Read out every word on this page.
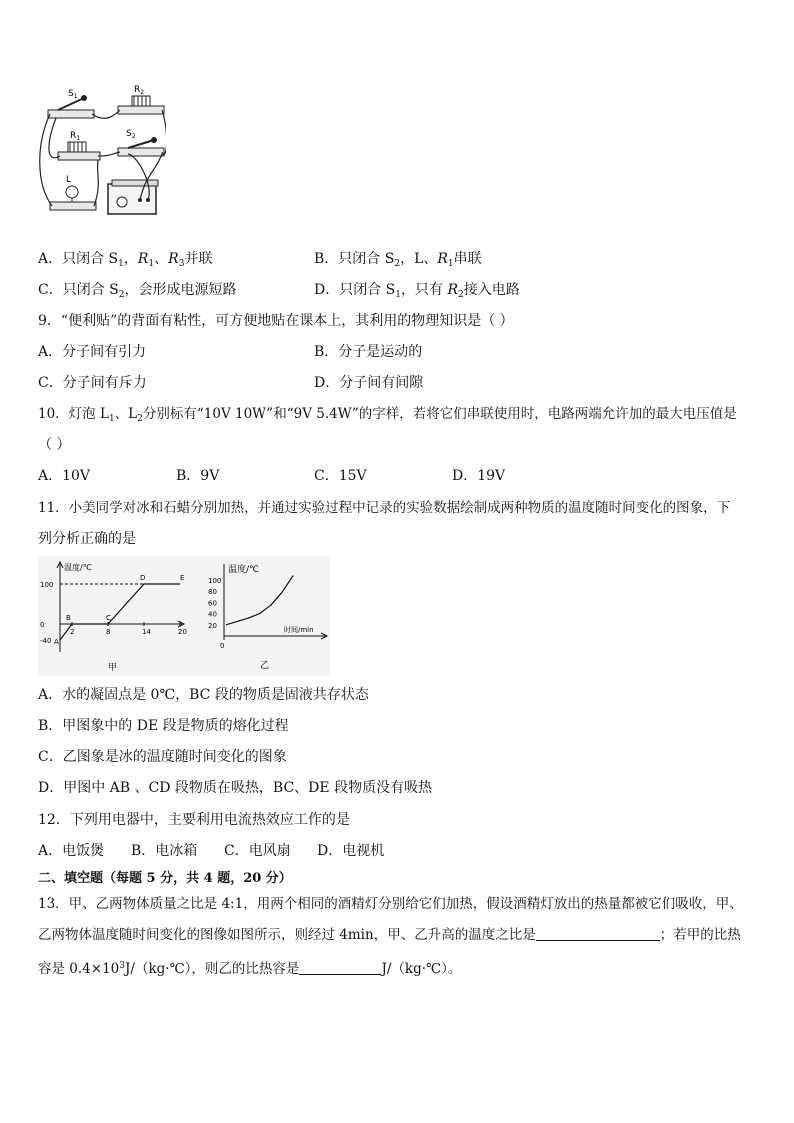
$S_1$
$R_2$
$S_2$
$R_1$
L
A．只闭合 $S_1$，$R_1$、$R_3$并联	B．只闭合 $S_2$，L、$R_1$串联
C．只闭合 $S_2$，会形成电源短路	D．只闭合 $S_1$，只有 $R_2$接入电路
9．“便利贴”的背面有粘性，可方便地贴在课本上，其利用的物理知识是（ ）
A．分子间有引力	B．分子是运动的
C．分子间有斥力	D．分子间有间隙
10．灯泡 $L_1$、$L_2$分别标有“10V 10W”和“9V 5.4W”的字样，若将它们串联使用时，电路两端允许加的最大电压值是
（ ）
A．10V	B．9V	C．15V	D．19V
11．小美同学对冰和石蜡分别加热，并通过实验过程中记录的实验数据绘制成两种物质的温度随时间变化的图象，下
列分析正确的是
温度/℃
甲
100
0
-40
2	8	14	20
A
B	C
D	E
温度/℃
时间/min
0
乙
100
80
60
40
20
A．水的凝固点是 0℃，BC 段的物质是固液共存状态
B．甲图象中的 DE 段是物质的熔化过程
C．乙图象是冰的温度随时间变化的图象
D．甲图中 AB 、CD 段物质在吸热，BC、DE 段物质没有吸热
12．下列用电器中，主要利用电流热效应工作的是
A．电饭煲 B．电冰箱 C．电风扇 D．电视机
二、填空题（每题 5 分，共 4 题，20 分）
13．甲、乙两物体质量之比是 4:1，用两个相同的酒精灯分别给它们加热，假设酒精灯放出的热量都被它们吸收，甲、
乙两物体温度随时间变化的图像如图所示，则经过 4min，甲、乙升高的温度之比是	；若甲的比热
容是 $0.4\times 10^3J/(kg\cdot℃)$，则乙的比热容是	J/（kg·℃）。
